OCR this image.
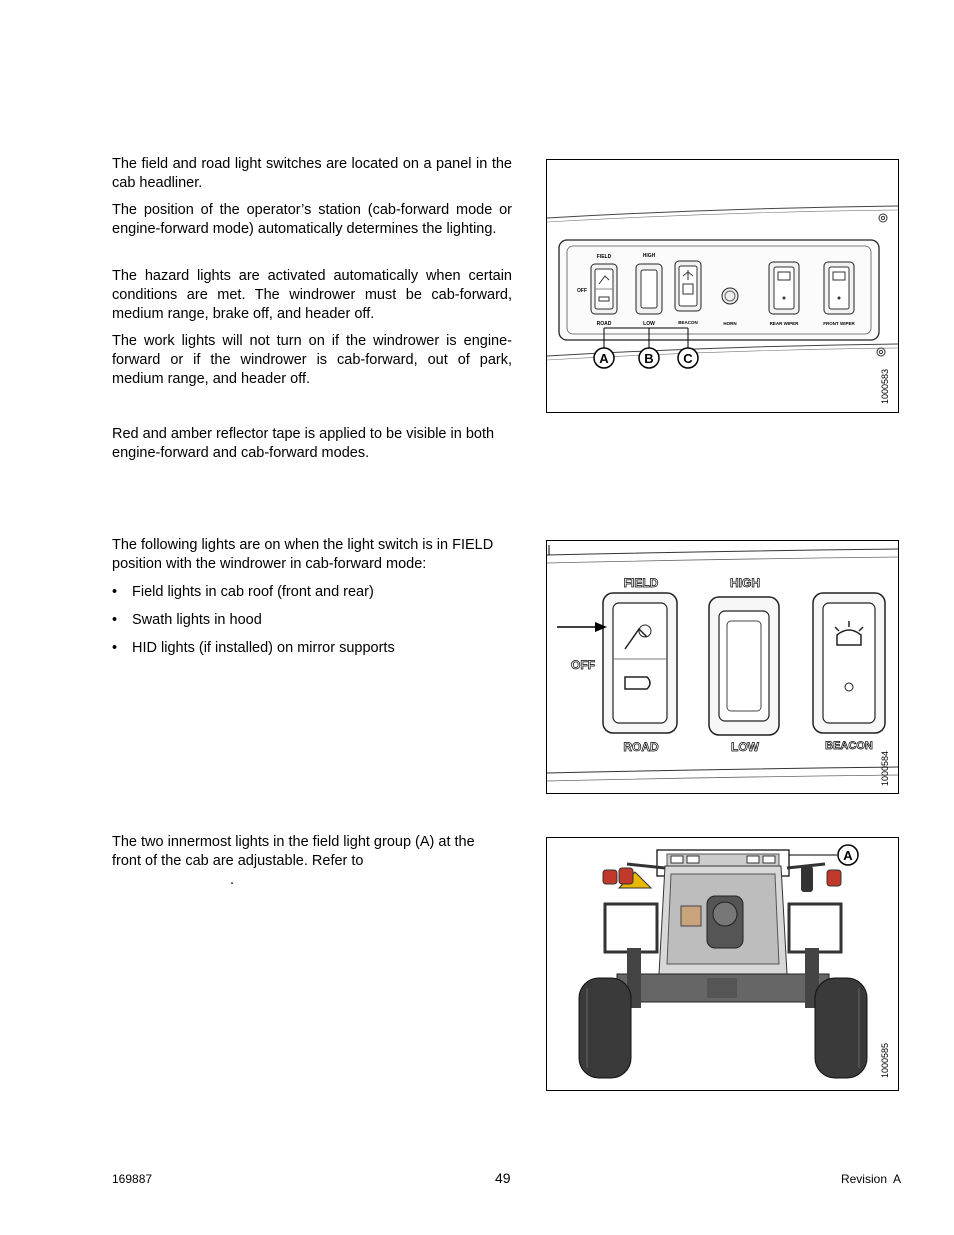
The field and road light switches are located on a panel in the cab headliner.
The position of the operator’s station (cab-forward mode or engine-forward mode) automatically determines the lighting.
The hazard lights are activated automatically when certain conditions are met. The windrower must be cab-forward, medium range, brake off, and header off.
The work lights will not turn on if the windrower is engine-forward or if the windrower is cab-forward, out of park, medium range, and header off.
Red and amber reflector tape is applied to be visible in both engine-forward and cab-forward modes.
The following lights are on when the light switch is in FIELD position with the windrower in cab-forward mode:
• Field lights in cab roof (front and rear)
• Swath lights in hood
• HID lights (if installed) on mirror supports
The two innermost lights in the field light group (A) at the
front of the cab are adjustable. Refer to
.
FIELD
OFF
ROAD
HIGH
LOW	BEACON	HORN	REAR WIPER	FRONT WIPER
A	B C
1000583
FIELD	HIGH
OFF
ROAD	LOW	BEACON
1000584
A
1000585
169887	49	Revision  A
